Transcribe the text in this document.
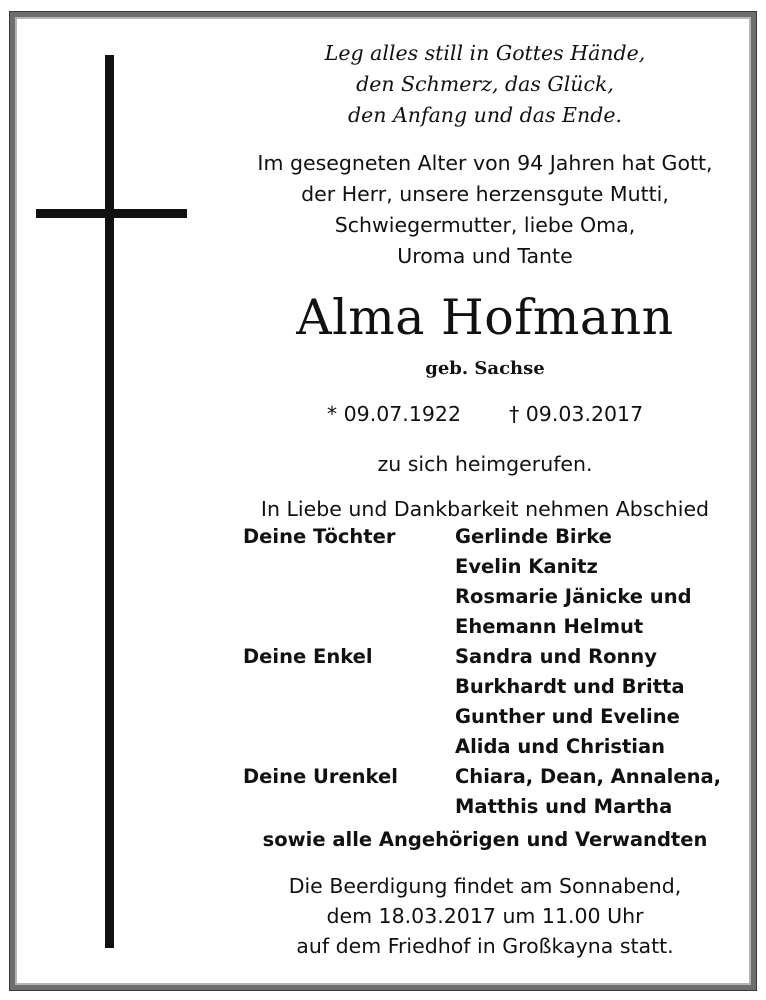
Leg alles still in Gottes Hände,
den Schmerz, das Glück,
den Anfang und das Ende.
Im gesegneten Alter von 94 Jahren hat Gott,
der Herr, unsere herzensgute Mutti,
Schwiegermutter, liebe Oma,
Uroma und Tante
Alma Hofmann
geb. Sachse
* 09.07.1922 † 09.03.2017
zu sich heimgerufen.
In Liebe und Dankbarkeit nehmen Abschied
Deine Töchter	Gerlinde Birke
Evelin Kanitz
Rosmarie Jänicke und
Ehemann Helmut
Deine Enkel	Sandra und Ronny
Burkhardt und Britta
Gunther und Eveline
Alida und Christian
Deine Urenkel	Chiara, Dean, Annalena,
Matthis und Martha
sowie alle Angehörigen und Verwandten
Die Beerdigung findet am Sonnabend,
dem 18.03.2017 um 11.00 Uhr
auf dem Friedhof in Großkayna statt.
